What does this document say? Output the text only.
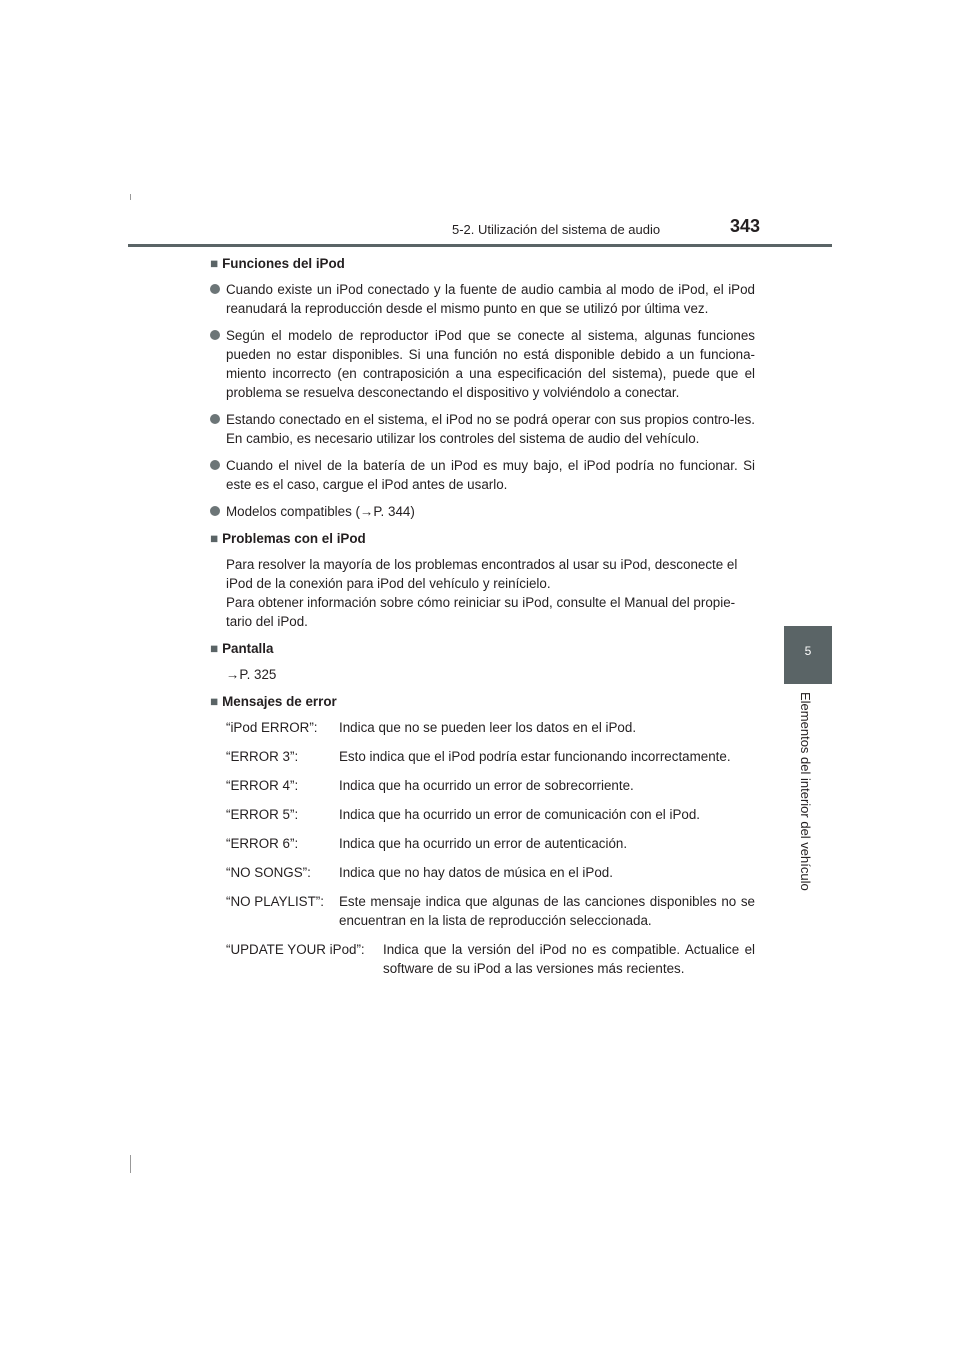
5-2. Utilización del sistema de audio	343
5
Elementos del interior del vehículo
■ Funciones del iPod
Cuando existe un iPod conectado y la fuente de audio cambia al modo de iPod, el iPod reanudará la reproducción desde el mismo punto en que se utilizó por última vez.
Según el modelo de reproductor iPod que se conecte al sistema, algunas funciones pueden no estar disponibles. Si una función no está disponible debido a un funciona-miento incorrecto (en contraposición a una especificación del sistema), puede que el problema se resuelva desconectando el dispositivo y volviéndolo a conectar.
Estando conectado en el sistema, el iPod no se podrá operar con sus propios contro-les. En cambio, es necesario utilizar los controles del sistema de audio del vehículo.
Cuando el nivel de la batería de un iPod es muy bajo, el iPod podría no funcionar. Si este es el caso, cargue el iPod antes de usarlo.
Modelos compatibles (→P. 344)
■ Problemas con el iPod
Para resolver la mayoría de los problemas encontrados al usar su iPod, desconecte el iPod de la conexión para iPod del vehículo y reinícielo.
Para obtener información sobre cómo reiniciar su iPod, consulte el Manual del propie-tario del iPod.
■ Pantalla
→P. 325
■ Mensajes de error
“iPod ERROR”:	Indica que no se pueden leer los datos en el iPod.
“ERROR 3”:	Esto indica que el iPod podría estar funcionando incorrectamente.
“ERROR 4”:	Indica que ha ocurrido un error de sobrecorriente.
“ERROR 5”:	Indica que ha ocurrido un error de comunicación con el iPod.
“ERROR 6”:	Indica que ha ocurrido un error de autenticación.
“NO SONGS”:	Indica que no hay datos de música en el iPod.
“NO PLAYLIST”:	Este mensaje indica que algunas de las canciones disponibles no se encuentran en la lista de reproducción seleccionada.
“UPDATE YOUR iPod”:	Indica que la versión del iPod no es compatible. Actualice el software de su iPod a las versiones más recientes.
